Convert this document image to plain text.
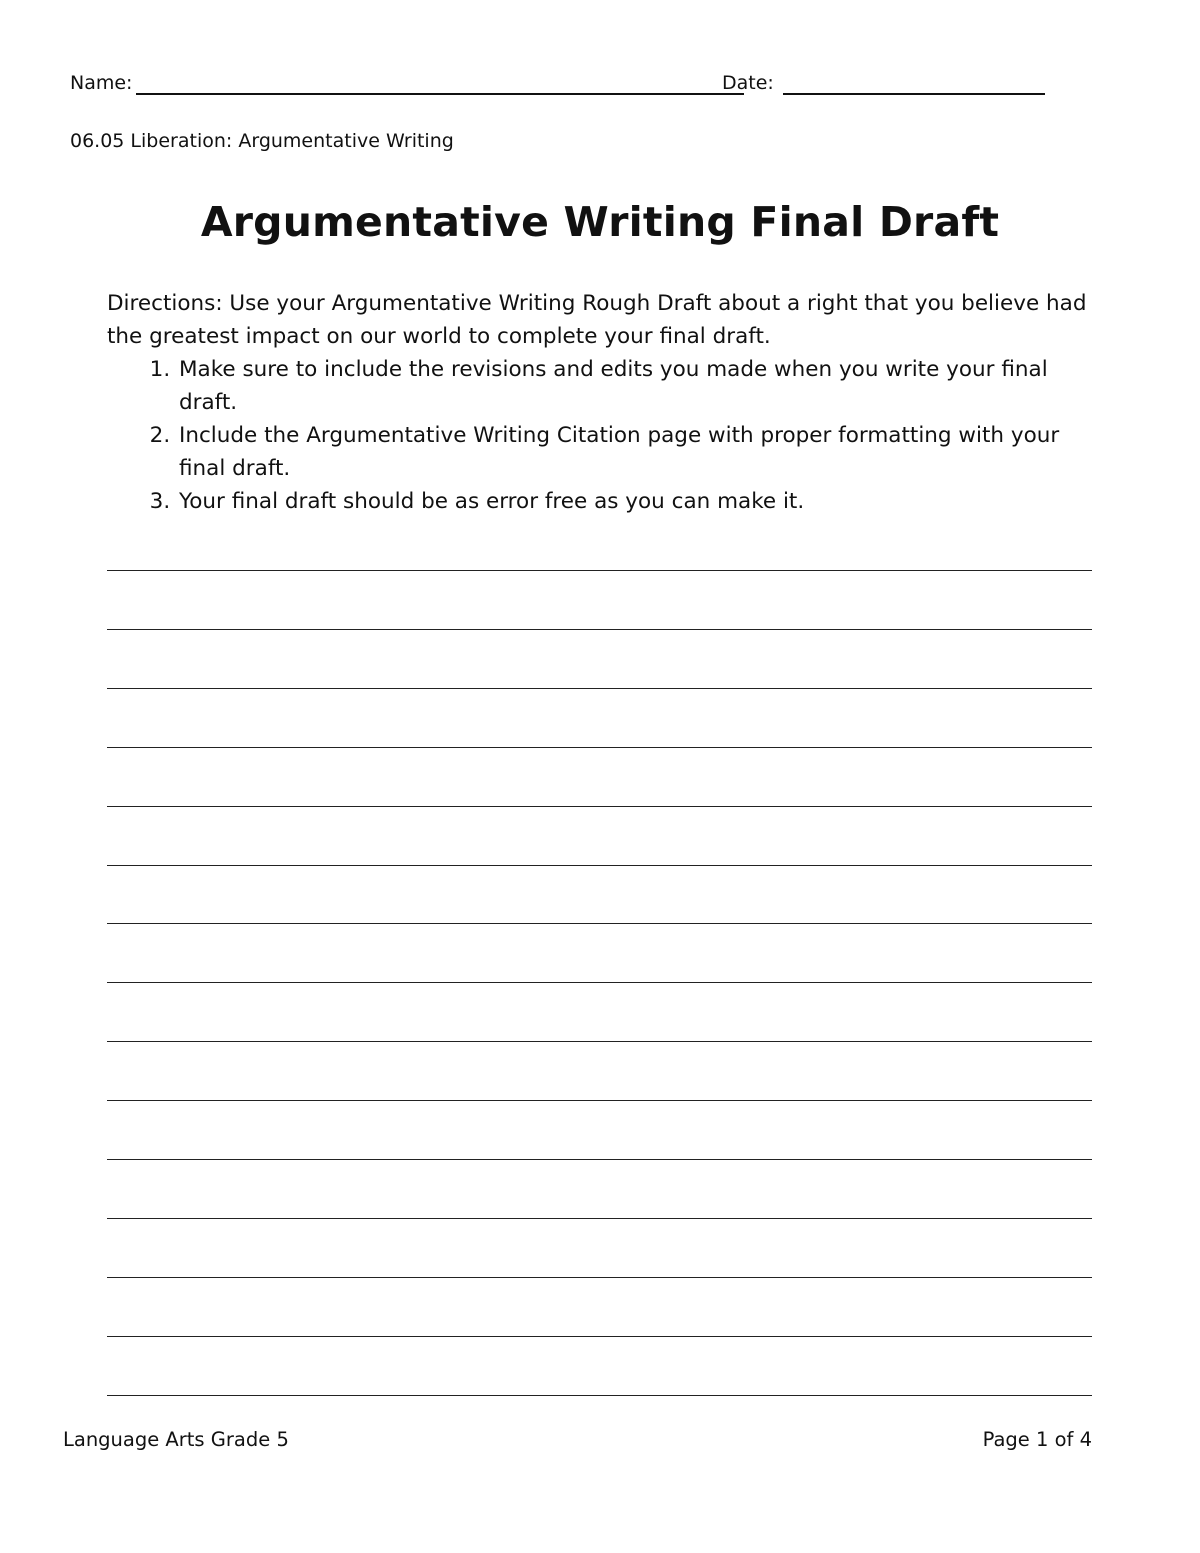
Name:	Date:
06.05 Liberation: Argumentative Writing
Argumentative Writing Final Draft

Directions: Use your Argumentative Writing Rough Draft about a right that you believe had the greatest impact on our world to complete your final draft.

1. Make sure to include the revisions and edits you made when you write your final draft.
2. Include the Argumentative Writing Citation page with proper formatting with your final draft.
3. Your final draft should be as error free as you can make it.
Language Arts Grade 5	Page 1 of 4
